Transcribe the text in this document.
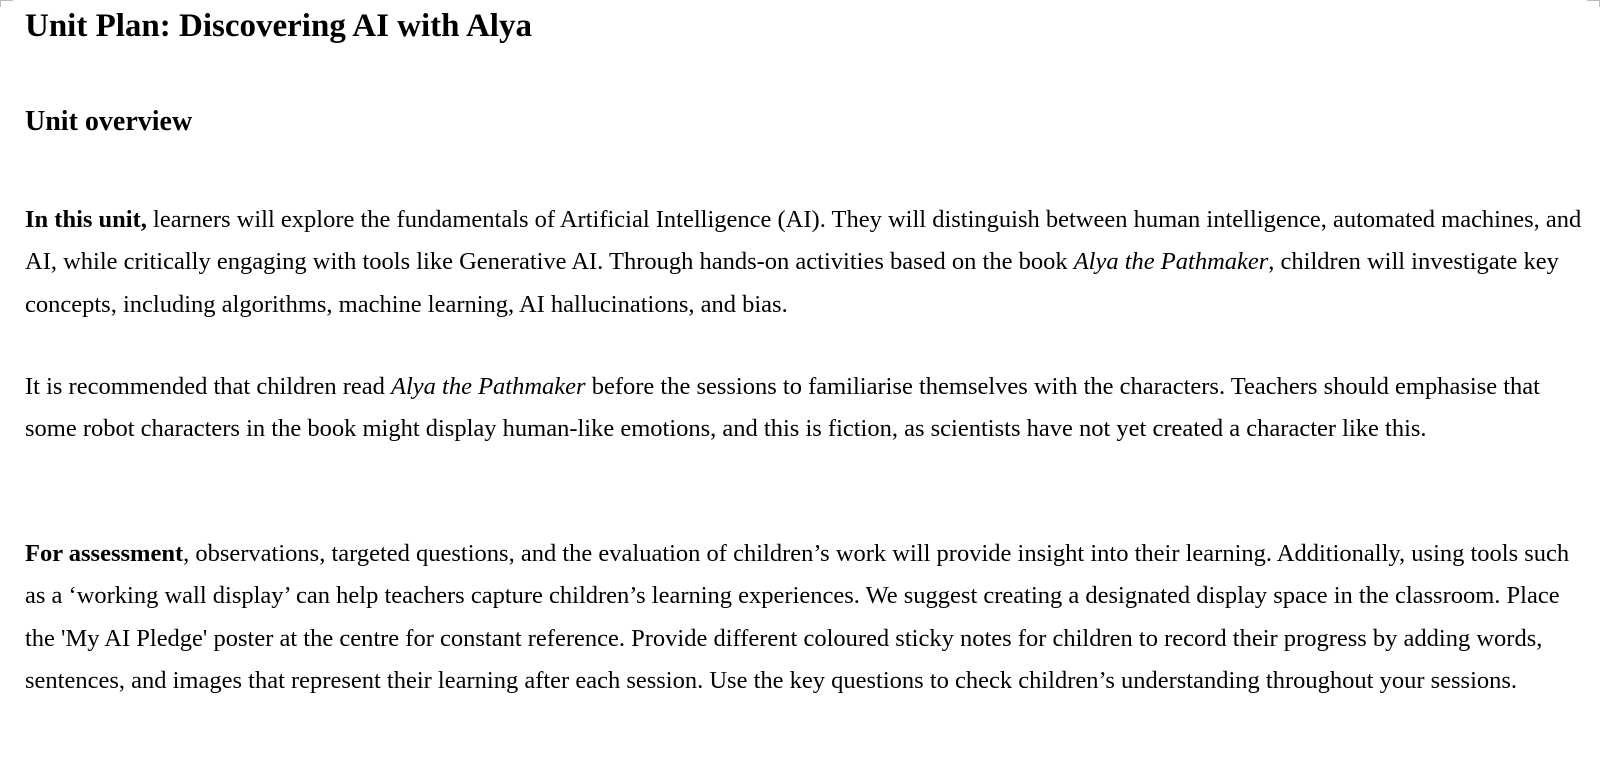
Unit Plan: Discovering AI with Alya
Unit overview

In this unit, learners will explore the fundamentals of Artificial Intelligence (AI). They will distinguish between human intelligence, automated machines, and AI, while critically engaging with tools like Generative AI. Through hands-on activities based on the book Alya the Pathmaker, children will investigate key concepts, including algorithms, machine learning, AI hallucinations, and bias.

It is recommended that children read Alya the Pathmaker before the sessions to familiarise themselves with the characters. Teachers should emphasise that some robot characters in the book might display human-like emotions, and this is fiction, as scientists have not yet created a character like this.

For assessment, observations, targeted questions, and the evaluation of children’s work will provide insight into their learning. Additionally, using tools such as a ‘working wall display’ can help teachers capture children’s learning experiences. We suggest creating a designated display space in the classroom. Place the 'My AI Pledge' poster at the centre for constant reference. Provide different coloured sticky notes for children to record their progress by adding words, sentences, and images that represent their learning after each session. Use the key questions to check children’s understanding throughout your sessions.
